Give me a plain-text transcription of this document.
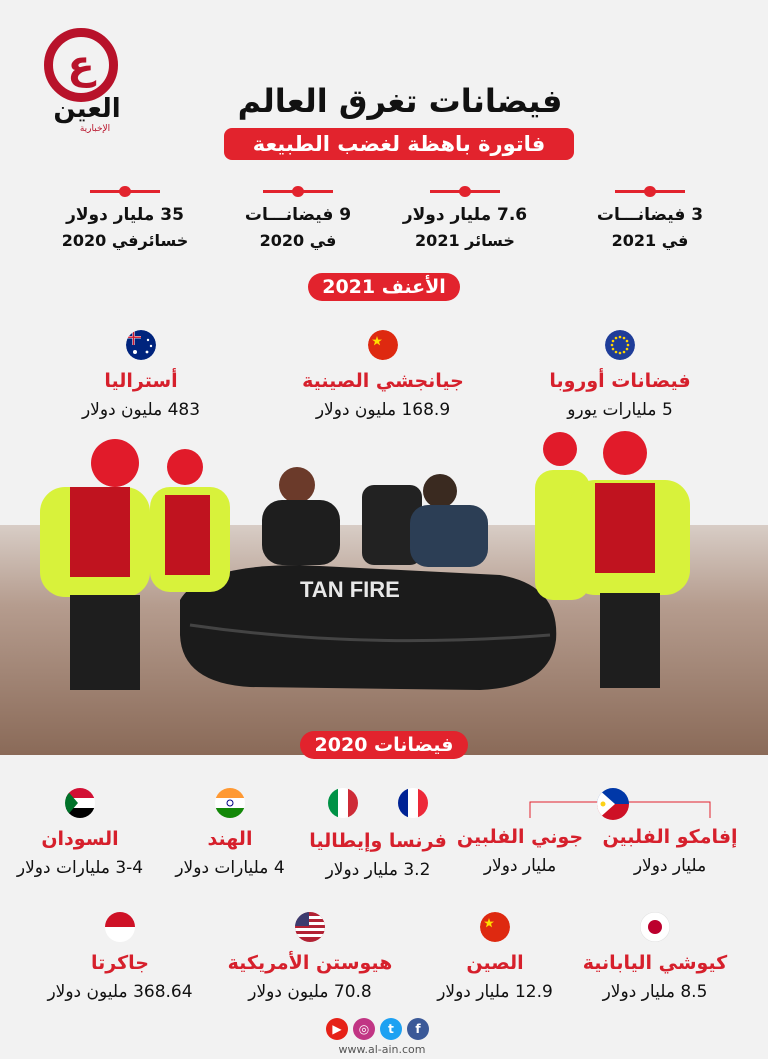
ع
العين
الإخبارية
فيضانات تغرق العالم
فاتورة باهظة لغضب الطبيعة
3 فيضانـــات
في 2021
7.6 مليار دولار
خسائر 2021
9 فيضانـــات
في 2020
35 مليار دولار
خسائرفي 2020
الأعنف 2021
فيضانات أوروبا
5 مليارات يورو
جيانجشي الصينية
168.9 مليون دولار
أستراليا
483 مليون دولار
TAN FIRE
فيضانات 2020
إفامكو الفلبين
مليار دولار
جوني الفلبين
مليار دولار
فرنسا وإيطاليا
3.2 مليار دولار
الهند
4 مليارات دولار
السودان
3-4 مليارات دولار
كيوشي اليابانية
8.5 مليار دولار
الصين
12.9 مليار دولار
هيوستن الأمريكية
70.8 مليون دولار
جاكرتا
368.64 مليون دولار
f
t
◎
▶
www.al-ain.com
